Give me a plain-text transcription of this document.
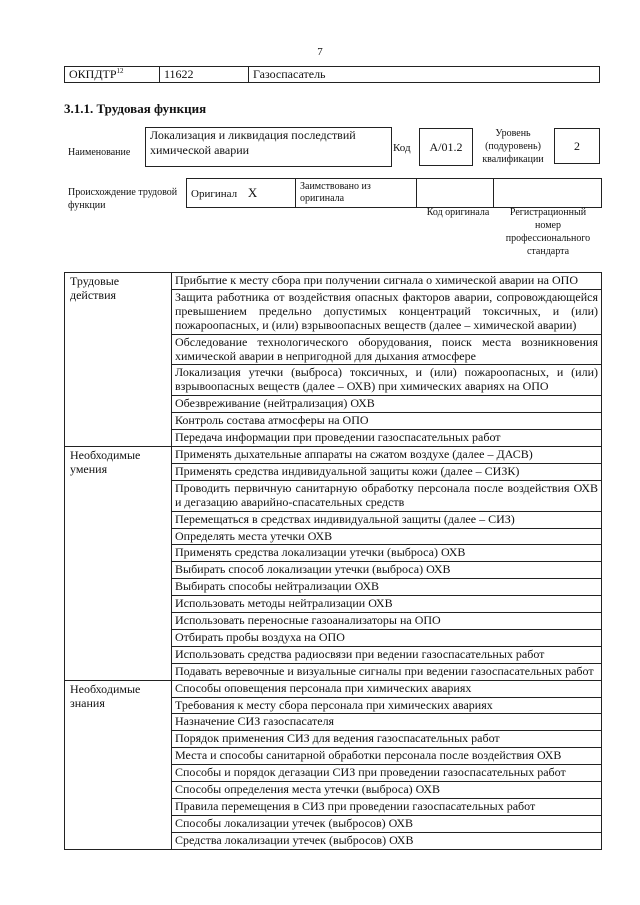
7
ОКПДТР$^{12}$	11622	Газоспасатель
3.1.1. Трудовая функция
Наименование
Локализация и ликвидация последствий химической аварии	Код А/01.2
Уровень (подуровень) квалификации
2
Происхождение трудовой функции
Оригинал X	Заимствовано из оригинала		
Код оригинала	Регистрационный номер профессионального стандарта
Трудовые действия	Прибытие к месту сбора при получении сигнала о химической аварии на ОПО
	Защита работника от воздействия опасных факторов аварии, сопровождающейся превышением предельно допустимых концентраций токсичных, и (или) пожароопасных, и (или) взрывоопасных веществ (далее – химической аварии)
	Обследование технологического оборудования, поиск места возникновения химической аварии в непригодной для дыхания атмосфере
	Локализация утечки (выброса) токсичных, и (или) пожароопасных, и (или) взрывоопасных веществ (далее – ОХВ) при химических авариях на ОПО
	Обезвреживание (нейтрализация) ОХВ
	Контроль состава атмосферы на ОПО
	Передача информации при проведении газоспасательных работ
Необходимые умения	Применять дыхательные аппараты на сжатом воздухе (далее – ДАСВ)
	Применять средства индивидуальной защиты кожи (далее – СИЗК)
	Проводить первичную санитарную обработку персонала после воздействия ОХВ и дегазацию аварийно-спасательных средств
	Перемещаться в средствах индивидуальной защиты (далее – СИЗ)
	Определять места утечки ОХВ
	Применять средства локализации утечки (выброса) ОХВ
	Выбирать способ локализации утечки (выброса) ОХВ
	Выбирать способы нейтрализации ОХВ
	Использовать методы нейтрализации ОХВ
	Использовать переносные газоанализаторы на ОПО
	Отбирать пробы воздуха на ОПО
	Использовать средства радиосвязи при ведении газоспасательных работ
	Подавать веревочные и визуальные сигналы при ведении газоспасательных работ
Необходимые знания	Способы оповещения персонала при химических авариях
	Требования к месту сбора персонала при химических авариях
	Назначение СИЗ газоспасателя
	Порядок применения СИЗ для ведения газоспасательных работ
	Места и способы санитарной обработки персонала после воздействия ОХВ
	Способы и порядок дегазации СИЗ при проведении газоспасательных работ
	Способы определения места утечки (выброса) ОХВ
	Правила перемещения в СИЗ при проведении газоспасательных работ
	Способы локализации утечек (выбросов) ОХВ
	Средства локализации утечек (выбросов) ОХВ
